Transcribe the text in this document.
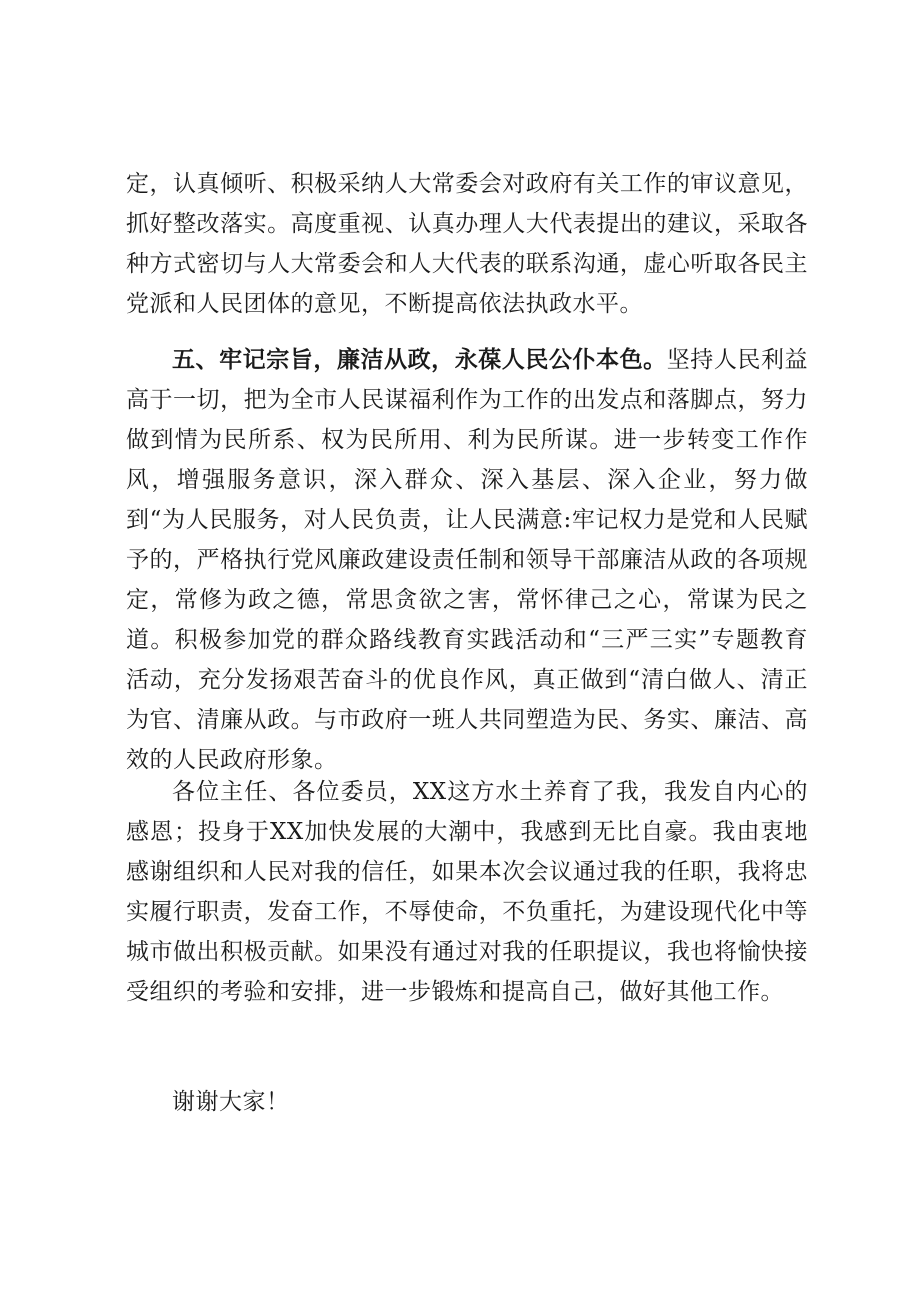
定，认真倾听、积极采纳人大常委会对政府有关工作的审议意见，抓好整改落实。高度重视、认真办理人大代表提出的建议，采取各种方式密切与人大常委会和人大代表的联系沟通，虚心听取各民主党派和人民团体的意见，不断提高依法执政水平。
五、牢记宗旨，廉洁从政，永葆人民公仆本色。坚持人民利益高于一切，把为全市人民谋福利作为工作的出发点和落脚点，努力做到情为民所系、权为民所用、利为民所谋。进一步转变工作作风，增强服务意识，深入群众、深入基层、深入企业，努力做到“为人民服务，对人民负责，让人民满意:牢记权力是党和人民赋予的，严格执行党风廉政建设责任制和领导干部廉洁从政的各项规定，常修为政之德，常思贪欲之害，常怀律己之心，常谋为民之道。积极参加党的群众路线教育实践活动和“三严三实”专题教育活动，充分发扬艰苦奋斗的优良作风，真正做到“清白做人、清正为官、清廉从政。与市政府一班人共同塑造为民、务实、廉洁、高效的人民政府形象。
各位主任、各位委员，XX这方水土养育了我，我发自内心的感恩；投身于XX加快发展的大潮中，我感到无比自豪。我由衷地感谢组织和人民对我的信任，如果本次会议通过我的任职，我将忠实履行职责，发奋工作，不辱使命，不负重托，为建设现代化中等城市做出积极贡献。如果没有通过对我的任职提议，我也将愉快接受组织的考验和安排，进一步锻炼和提高自己，做好其他工作。
谢谢大家！
